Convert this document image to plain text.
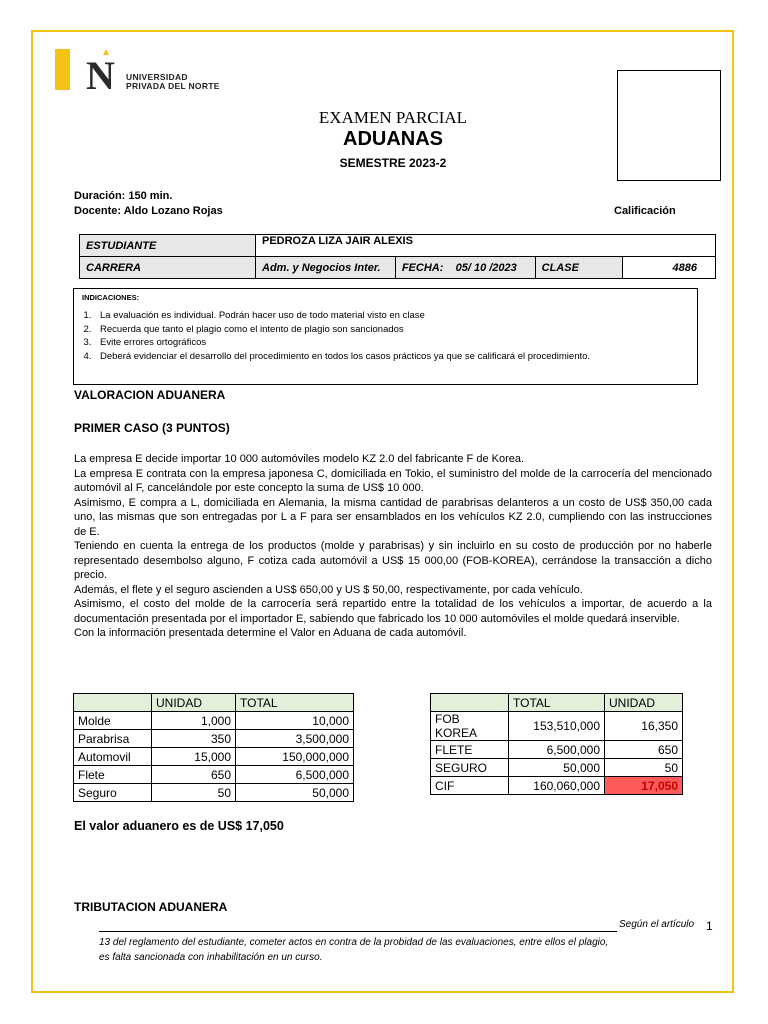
N UNIVERSIDAD
PRIVADA DEL NORTE
EXAMEN PARCIAL
ADUANAS
SEMESTRE 2023-2
Duración: 150 min.
Docente: Aldo Lozano Rojas	Calificación
ESTUDIANTE	PEDROZA LIZA JAIR ALEXIS			
CARRERA	Adm. y Negocios Inter.	FECHA: 05/ 10 /2023	CLASE	4886
INDICACIONES:
1. La evaluación es individual. Podrán hacer uso de todo material visto en clase
2. Recuerda que tanto el plagio como el intento de plagio son sancionados
3. Evite errores ortográficos
4. Deberá evidenciar el desarrollo del procedimiento en todos los casos prácticos ya que se calificará el procedimiento.
VALORACION ADUANERA
PRIMER CASO (3 PUNTOS)

La empresa E decide importar 10 000 automóviles modelo KZ 2.0 del fabricante F de Korea.

La empresa E contrata con la empresa japonesa C, domiciliada en Tokio, el suministro del molde de la carrocería del mencionado automóvil al F, cancelándole por este concepto la suma de US$ 10 000.

Asimismo, E compra a L, domiciliada en Alemania, la misma cantidad de parabrisas delanteros a un costo de US$ 350,00 cada uno, las mismas que son entregadas por L a F para ser ensamblados en los vehículos KZ 2.0, cumpliendo con las instrucciones de E.

Teniendo en cuenta la entrega de los productos (molde y parabrisas) y sin incluirlo en su costo de producción por no haberle representado desembolso alguno, F cotiza cada automóvil a US$ 15 000,00 (FOB-KOREA), cerrándose la transacción a dicho precio.

Además, el flete y el seguro ascienden a US$ 650,00 y US $ 50,00, respectivamente, por cada vehículo.

Asimismo, el costo del molde de la carrocería será repartido entre la totalidad de los vehículos a importar, de acuerdo a la documentación presentada por el importador E, sabiendo que fabricado los 10 000 automóviles el molde quedará inservible.

Con la información presentada determine el Valor en Aduana de cada automóvil.

	UNIDAD	TOTAL
Molde	1,000	10,000
Parabrisa	350	3,500,000
Automovil	15,000	150,000,000
Flete	650	6,500,000
Seguro	50	50,000
	TOTAL	UNIDAD
FOB KOREA	153,510,000	16,350
FLETE	6,500,000	650
SEGURO	50,000	50
CIF	160,060,000	17,050
El valor aduanero es de US$ 17,050
TRIBUTACION ADUANERA
Según el artículo 1
13 del reglamento del estudiante, cometer actos en contra de la probidad de las evaluaciones, entre ellos el plagio,
es falta sancionada con inhabilitación en un curso.
